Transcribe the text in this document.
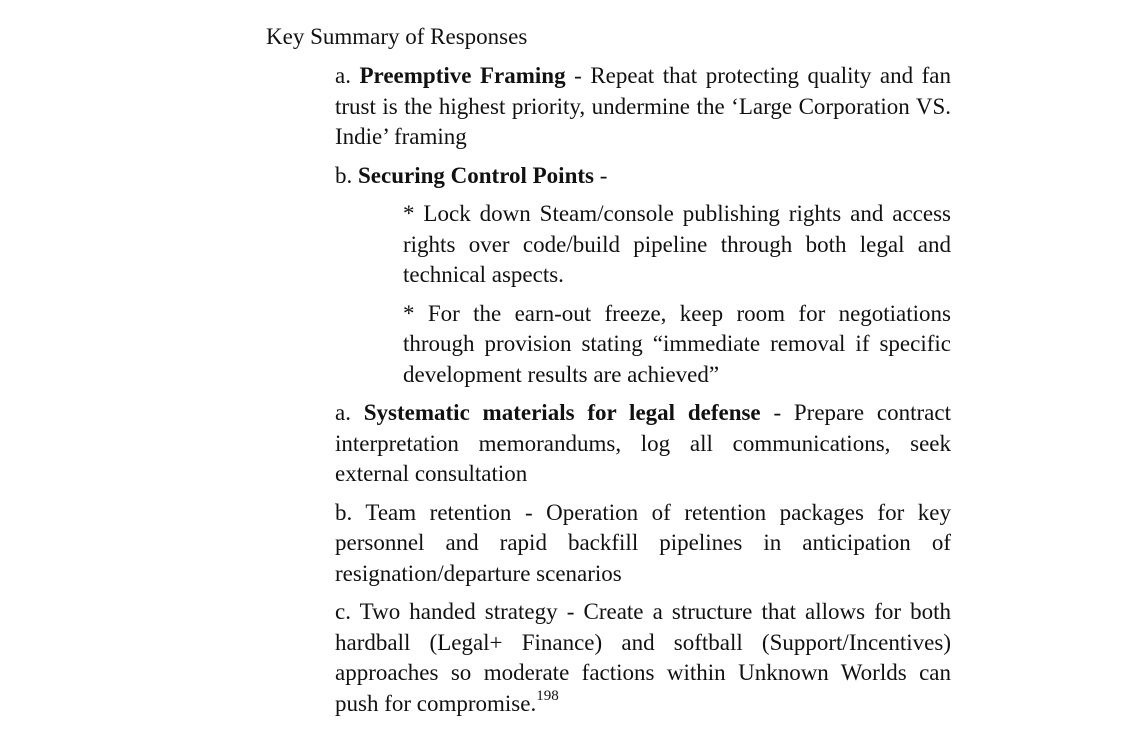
Key Summary of Responses

a. Preemptive Framing - Repeat that protecting quality and fan trust is the highest priority, undermine the ‘Large Corporation VS. Indie’ framing

b. Securing Control Points -

* Lock down Steam/console publishing rights and access rights over code/build pipeline through both legal and technical aspects.

* For the earn-out freeze, keep room for negotiations through provision stating “immediate removal if specific development results are achieved”

a. Systematic materials for legal defense - Prepare contract interpretation memorandums, log all communications, seek external consultation

b. Team retention - Operation of retention packages for key personnel and rapid backfill pipelines in anticipation of resignation/departure scenarios

c. Two handed strategy - Create a structure that allows for both hardball (Legal+ Finance) and softball (Support/Incentives) approaches so moderate factions within Unknown Worlds can push for compromise.$^{198}$
